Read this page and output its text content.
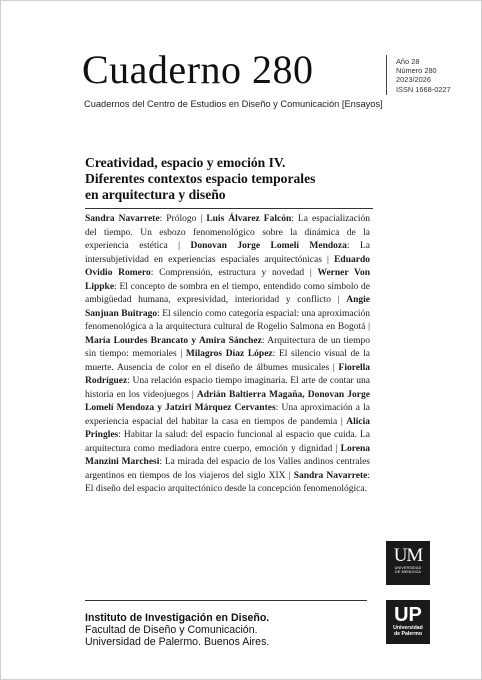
Cuaderno 280
Cuadernos del Centro de Estudios en Diseño y Comunicación [Ensayos]
Año 28
Número 280
2023/2026
ISSN 1668-0227
Creatividad, espacio y emoción IV.
Diferentes contextos espacio temporales
en arquitectura y diseño
Sandra Navarrete: Prólogo | Luis Álvarez Falcón: La espacialización del tiempo. Un esbozo fenomenológico sobre la dinámica de la experiencia estética | Donovan Jorge Lomelí Mendoza: La intersubjetividad en experiencias espaciales arquitectónicas | Eduardo Ovidio Romero: Comprensión, estructura y novedad | Werner Von Lippke: El concepto de sombra en el tiempo, entendido como símbolo de ambigüedad humana, expresividad, interioridad y conflicto | Angie Sanjuan Buitrago: El silencio como categoría espacial: una aproximación fenomenológica a la arquitectura cultural de Rogelio Salmona en Bogotá | María Lourdes Brancato y Amira Sánchez: Arquitectura de un tiempo sin tiempo: memoriales | Milagros Díaz López: El silencio visual de la muerte. Ausencia de color en el diseño de álbumes musicales | Fiorella Rodríguez: Una relación espacio tiempo imaginaria. El arte de contar una historia en los videojuegos | Adrián Baltierra Magaña, Donovan Jorge Lomelí Mendoza y Jatziri Márquez Cervantes: Una aproximación a la experiencia espacial del habitar la casa en tiempos de pandemia | Alicia Pringles: Habitar la salud: del espacio funcional al espacio que cuida. La arquitectura como mediadora entre cuerpo, emoción y dignidad | Lorena Manzini Marchesi: La mirada del espacio de los Valles andinos centrales argentinos en tiempos de los viajeros del siglo XIX | Sandra Navarrete: El diseño del espacio arquitectónico desde la concepción fenomenológica.
UM
UNIVERSIDAD
DE MENDOZA
UP
Universidad
de Palermo
Instituto de Investigación en Diseño.
Facultad de Diseño y Comunicación.
Universidad de Palermo. Buenos Aires.
